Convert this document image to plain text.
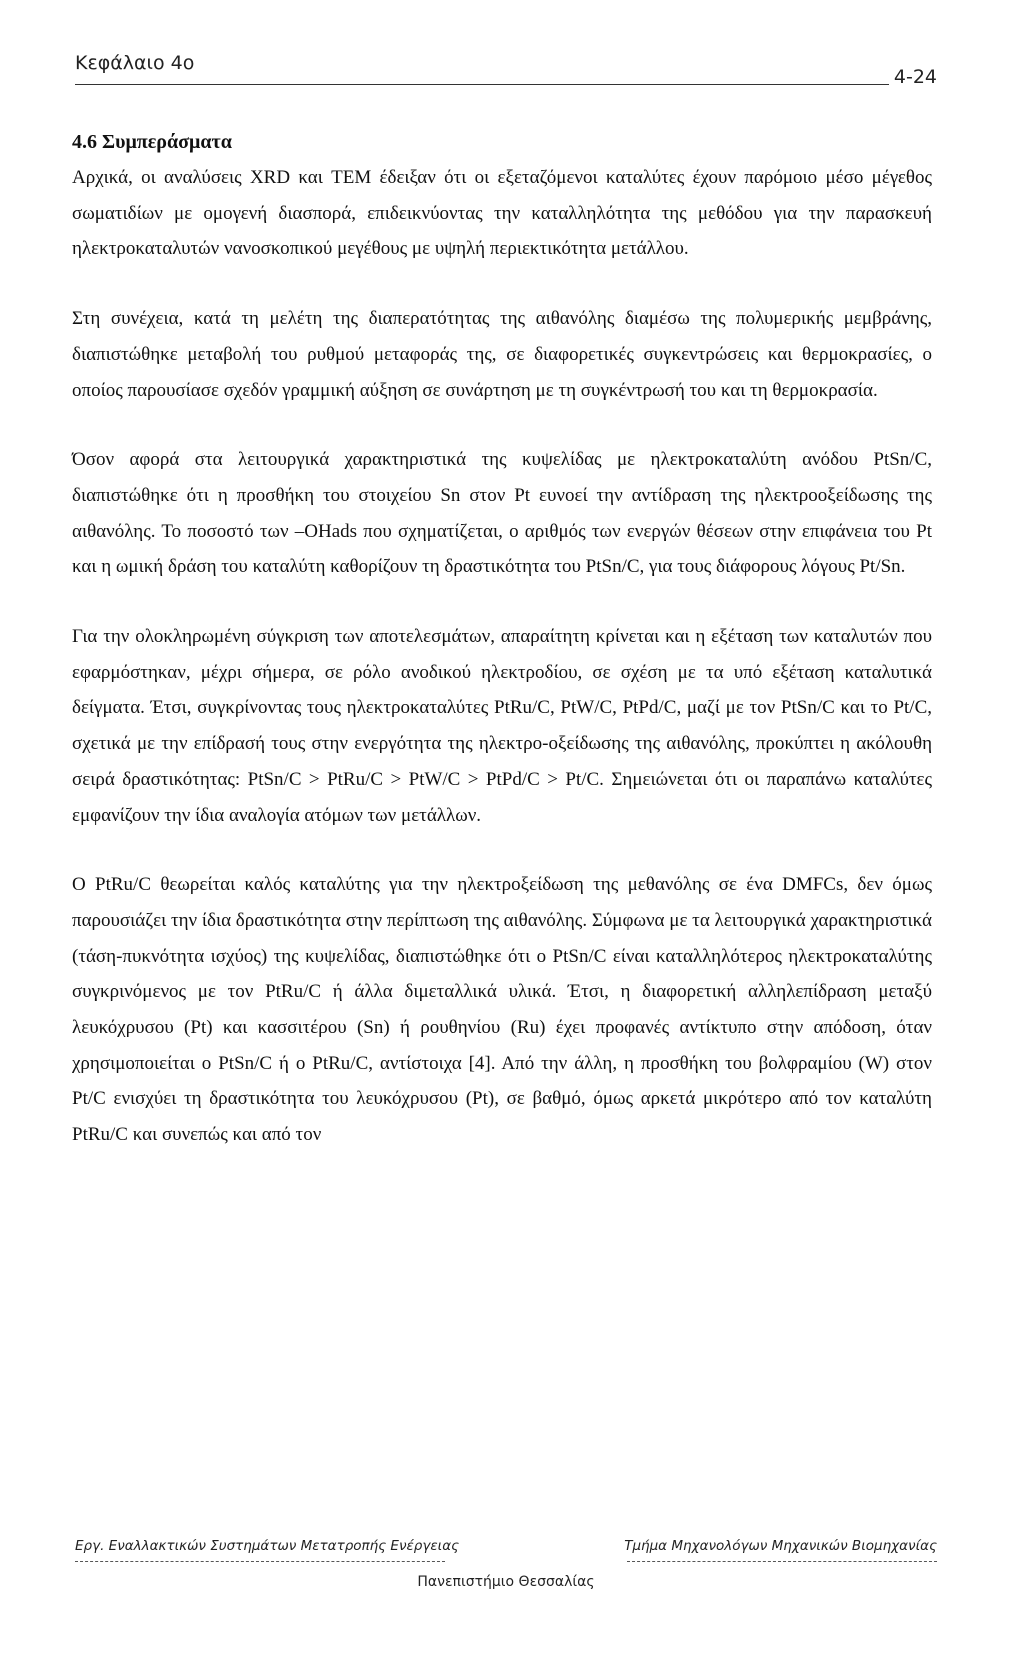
Κεφάλαιο 4ο
4-24
4.6 Συμπεράσματα

Αρχικά, οι αναλύσεις XRD και TEM έδειξαν ότι οι εξεταζόμενοι καταλύτες έχουν παρόμοιο μέσο μέγεθος σωματιδίων με ομογενή διασπορά, επιδεικνύοντας την καταλληλότητα της μεθόδου για την παρασκευή ηλεκτροκαταλυτών νανοσκοπικού μεγέθους με υψηλή περιεκτικότητα μετάλλου.

Στη συνέχεια, κατά τη μελέτη της διαπερατότητας της αιθανόλης διαμέσω της πολυμερικής μεμβράνης, διαπιστώθηκε μεταβολή του ρυθμού μεταφοράς της, σε διαφορετικές συγκεντρώσεις και θερμοκρασίες, ο οποίος παρουσίασε σχεδόν γραμμική αύξηση σε συνάρτηση με τη συγκέντρωσή του και τη θερμοκρασία.

Όσον αφορά στα λειτουργικά χαρακτηριστικά της κυψελίδας με ηλεκτροκαταλύτη ανόδου PtSn/C, διαπιστώθηκε ότι η προσθήκη του στοιχείου Sn στον Pt ευνοεί την αντίδραση της ηλεκτροοξείδωσης της αιθανόλης. Το ποσοστό των –OHads που σχηματίζεται, ο αριθμός των ενεργών θέσεων στην επιφάνεια του Pt και η ωμική δράση του καταλύτη καθορίζουν τη δραστικότητα του PtSn/C, για τους διάφορους λόγους Pt/Sn.

Για την ολοκληρωμένη σύγκριση των αποτελεσμάτων, απαραίτητη κρίνεται και η εξέταση των καταλυτών που εφαρμόστηκαν, μέχρι σήμερα, σε ρόλο ανοδικού ηλεκτροδίου, σε σχέση με τα υπό εξέταση καταλυτικά δείγματα. Έτσι, συγκρίνοντας τους ηλεκτροκαταλύτες PtRu/C, PtW/C, PtPd/C, μαζί με τον PtSn/C και το Pt/C, σχετικά με την επίδρασή τους στην ενεργότητα της ηλεκτρο-οξείδωσης της αιθανόλης, προκύπτει η ακόλουθη σειρά δραστικότητας: PtSn/C > PtRu/C > PtW/C > PtPd/C > Pt/C. Σημειώνεται ότι οι παραπάνω καταλύτες εμφανίζουν την ίδια αναλογία ατόμων των μετάλλων.

Ο PtRu/C θεωρείται καλός καταλύτης για την ηλεκτροξείδωση της μεθανόλης σε ένα DMFCs, δεν όμως παρουσιάζει την ίδια δραστικότητα στην περίπτωση της αιθανόλης. Σύμφωνα με τα λειτουργικά χαρακτηριστικά (τάση-πυκνότητα ισχύος) της κυψελίδας, διαπιστώθηκε ότι ο PtSn/C είναι καταλληλότερος ηλεκτροκαταλύτης συγκρινόμενος με τον PtRu/C ή άλλα διμεταλλικά υλικά. Έτσι, η διαφορετική αλληλεπίδραση μεταξύ λευκόχρυσου (Pt) και κασσιτέρου (Sn) ή ρουθηνίου (Ru) έχει προφανές αντίκτυπο στην απόδοση, όταν χρησιμοποιείται ο PtSn/C ή ο PtRu/C, αντίστοιχα [4]. Από την άλλη, η προσθήκη του βολφραμίου (W) στον Pt/C ενισχύει τη δραστικότητα του λευκόχρυσου (Pt), σε βαθμό, όμως αρκετά μικρότερο από τον καταλύτη PtRu/C και συνεπώς και από τον

Εργ. Εναλλακτικών Συστημάτων Μετατροπής Ενέργειας	Τμήμα Μηχανολόγων Μηχανικών Βιομηχανίας
Πανεπιστήμιο Θεσσαλίας
